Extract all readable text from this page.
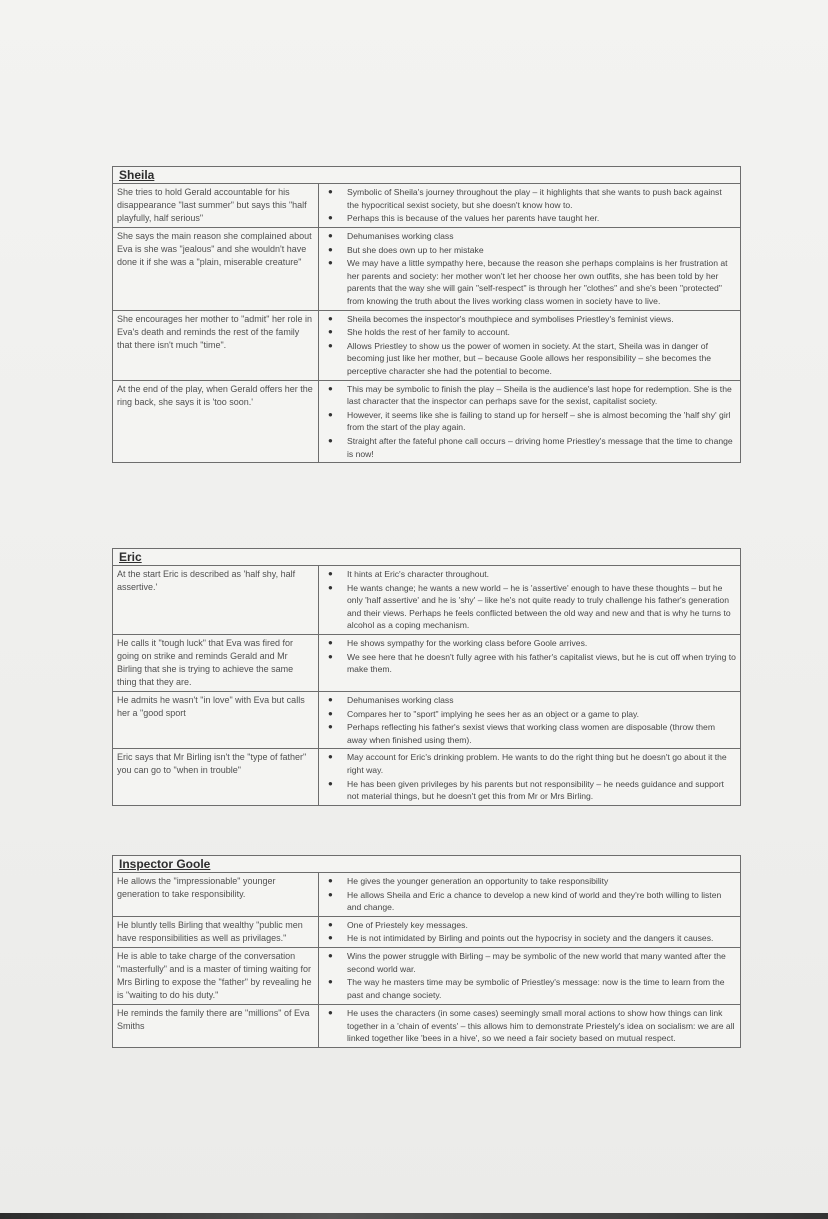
Sheila
She tries to hold Gerald accountable for his disappearance "last summer" but says this "half playfully, half serious"
● Symbolic of Sheila's journey throughout the play – it highlights that she wants to push back against the hypocritical sexist society, but she doesn't know how to.
● Perhaps this is because of the values her parents have taught her.
She says the main reason she complained about Eva is she was "jealous" and she wouldn't have done it if she was a "plain, miserable creature"
● Dehumanises working class
● But she does own up to her mistake
● We may have a little sympathy here, because the reason she perhaps complains is her frustration at her parents and society: her mother won't let her choose her own outfits, she has been told by her parents that the way she will gain "self-respect" is through her "clothes" and she's been "protected" from knowing the truth about the lives working class women in society have to live.
She encourages her mother to "admit" her role in Eva's death and reminds the rest of the family that there isn't much "time".
● Sheila becomes the inspector's mouthpiece and symbolises Priestley's feminist views.
● She holds the rest of her family to account.
● Allows Priestley to show us the power of women in society. At the start, Sheila was in danger of becoming just like her mother, but – because Goole allows her responsibility – she becomes the perceptive character she had the potential to become.
At the end of the play, when Gerald offers her the ring back, she says it is 'too soon.'
● This may be symbolic to finish the play – Sheila is the audience's last hope for redemption. She is the last character that the inspector can perhaps save for the sexist, capitalist society.
● However, it seems like she is failing to stand up for herself – she is almost becoming the 'half shy' girl from the start of the play again.
● Straight after the fateful phone call occurs – driving home Priestley's message that the time to change is now!
Eric
At the start Eric is described as 'half shy, half assertive.'
● It hints at Eric's character throughout.
● He wants change; he wants a new world – he is 'assertive' enough to have these thoughts – but he only 'half assertive' and he is 'shy' – like he's not quite ready to truly challenge his father's generation and their views. Perhaps he feels conflicted between the old way and new and that is why he turns to alcohol as a coping mechanism.
He calls it "tough luck" that Eva was fired for going on strike and reminds Gerald and Mr Birling that she is trying to achieve the same thing that they are.
● He shows sympathy for the working class before Goole arrives.
● We see here that he doesn't fully agree with his father's capitalist views, but he is cut off when trying to make them.
He admits he wasn't "in love" with Eva but calls her a "good sport
● Dehumanises working class
● Compares her to "sport" implying he sees her as an object or a game to play.
● Perhaps reflecting his father's sexist views that working class women are disposable (throw them away when finished using them).
Eric says that Mr Birling isn't the "type of father" you can go to "when in trouble"
● May account for Eric's drinking problem. He wants to do the right thing but he doesn't go about it the right way.
● He has been given privileges by his parents but not responsibility – he needs guidance and support not material things, but he doesn't get this from Mr or Mrs Birling.
Inspector Goole
He allows the "impressionable" younger generation to take responsibility.
● He gives the younger generation an opportunity to take responsibility
● He allows Sheila and Eric a chance to develop a new kind of world and they're both willing to listen and change.
He bluntly tells Birling that wealthy "public men have responsibilities as well as privilages."
● One of Priestely key messages.
● He is not intimidated by Birling and points out the hypocrisy in society and the dangers it causes.
He is able to take charge of the conversation "masterfully" and is a master of timing waiting for Mrs Birling to expose the "father" by revealing he is "waiting to do his duty."
● Wins the power struggle with Birling – may be symbolic of the new world that many wanted after the second world war.
● The way he masters time may be symbolic of Priestley's message: now is the time to learn from the past and change society.
He reminds the family there are "millions" of Eva Smiths
● He uses the characters (in some cases) seemingly small moral actions to show how things can link together in a 'chain of events' – this allows him to demonstrate Priestely's idea on socialism: we are all linked together like 'bees in a hive', so we need a fair society based on mutual respect.
